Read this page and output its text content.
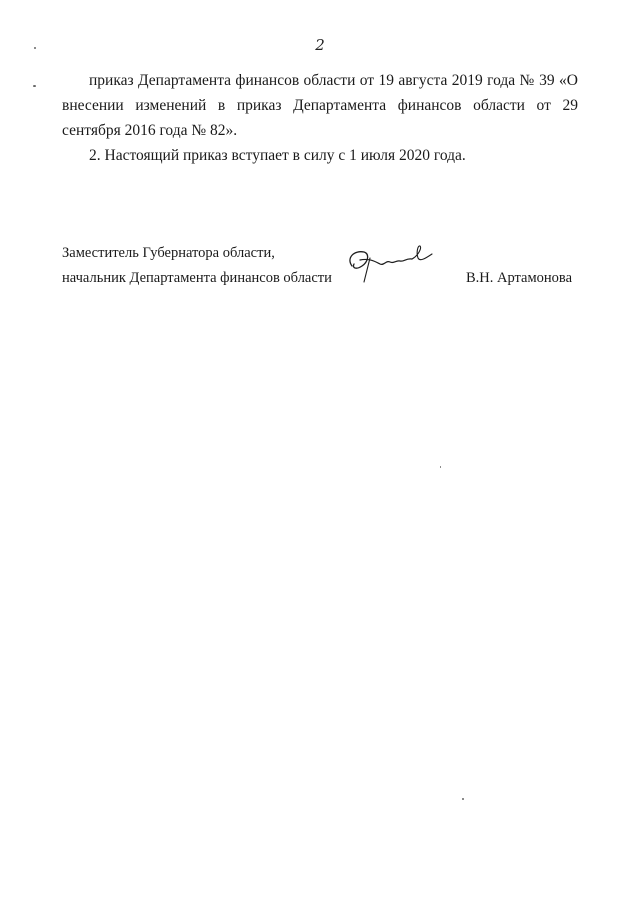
2
приказ Департамента финансов области от 19 августа 2019 года № 39 «О внесении изменений в приказ Департамента финансов области от 29 сентября 2016 года № 82».
2. Настоящий приказ вступает в силу с 1 июля 2020 года.
Заместитель Губернатора области,
начальник Департамента финансов области	В.Н. Артамонова
